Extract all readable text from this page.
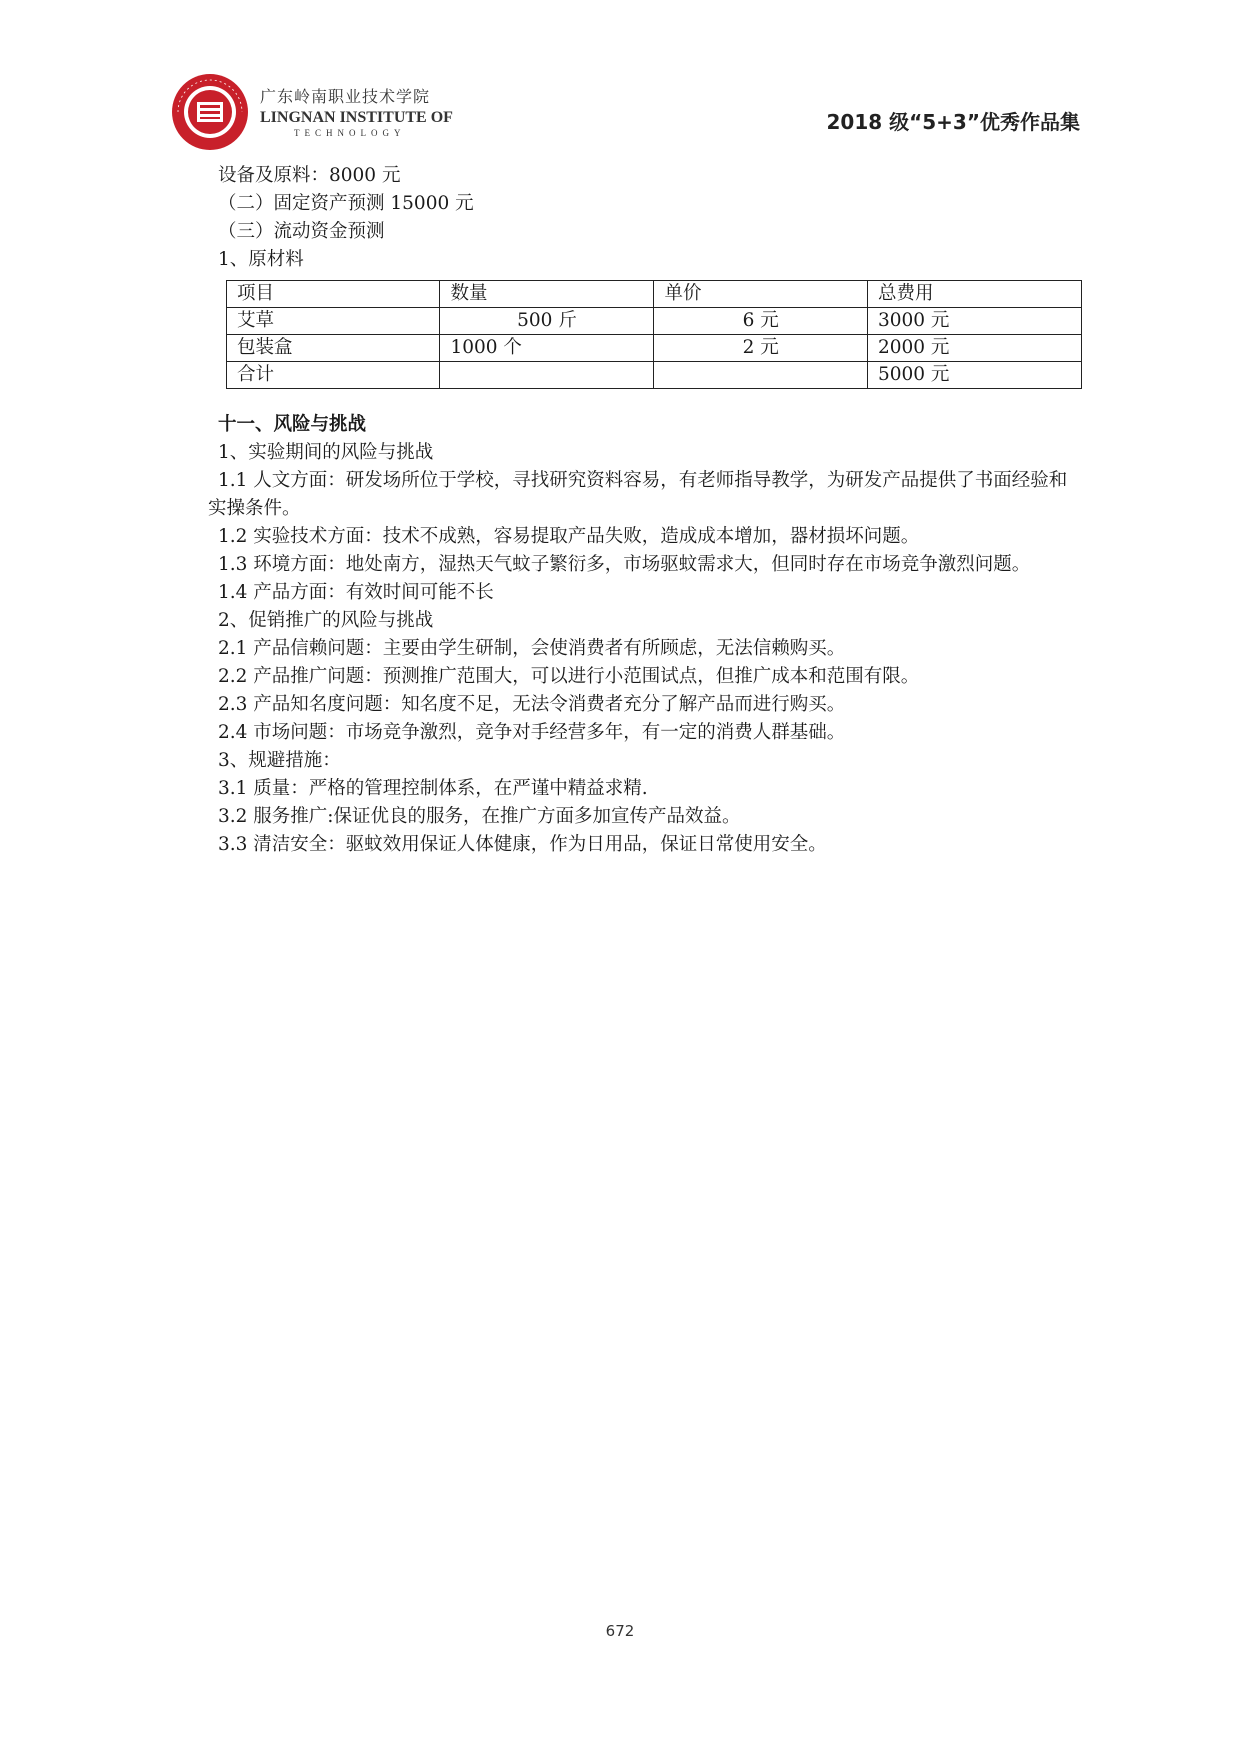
广东岭南职业技术学院
LINGNAN INSTITUTE OF
TECHNOLOGY	2018 级“5+3”优秀作品集
设备及原料：8000 元
（二）固定资产预测 15000 元
（三）流动资金预测
1、原材料
项目	数量	单价	总费用
艾草	500 斤	6 元	3000 元
包装盒	1000 个	2 元	2000 元
合计			5000 元
十一、风险与挑战
1、实验期间的风险与挑战
1.1 人文方面：研发场所位于学校，寻找研究资料容易，有老师指导教学，为研发产品提供了书面经验和实操条件。
1.2 实验技术方面：技术不成熟，容易提取产品失败，造成成本增加，器材损坏问题。
1.3 环境方面：地处南方，湿热天气蚊子繁衍多，市场驱蚊需求大，但同时存在市场竞争激烈问题。
1.4 产品方面：有效时间可能不长
2、促销推广的风险与挑战
2.1 产品信赖问题：主要由学生研制，会使消费者有所顾虑，无法信赖购买。
2.2 产品推广问题：预测推广范围大，可以进行小范围试点，但推广成本和范围有限。
2.3 产品知名度问题：知名度不足，无法令消费者充分了解产品而进行购买。
2.4 市场问题：市场竞争激烈，竞争对手经营多年，有一定的消费人群基础。
3、规避措施：
3.1 质量：严格的管理控制体系，在严谨中精益求精.
3.2 服务推广:保证优良的服务，在推广方面多加宣传产品效益。
3.3 清洁安全：驱蚊效用保证人体健康，作为日用品，保证日常使用安全。
672
